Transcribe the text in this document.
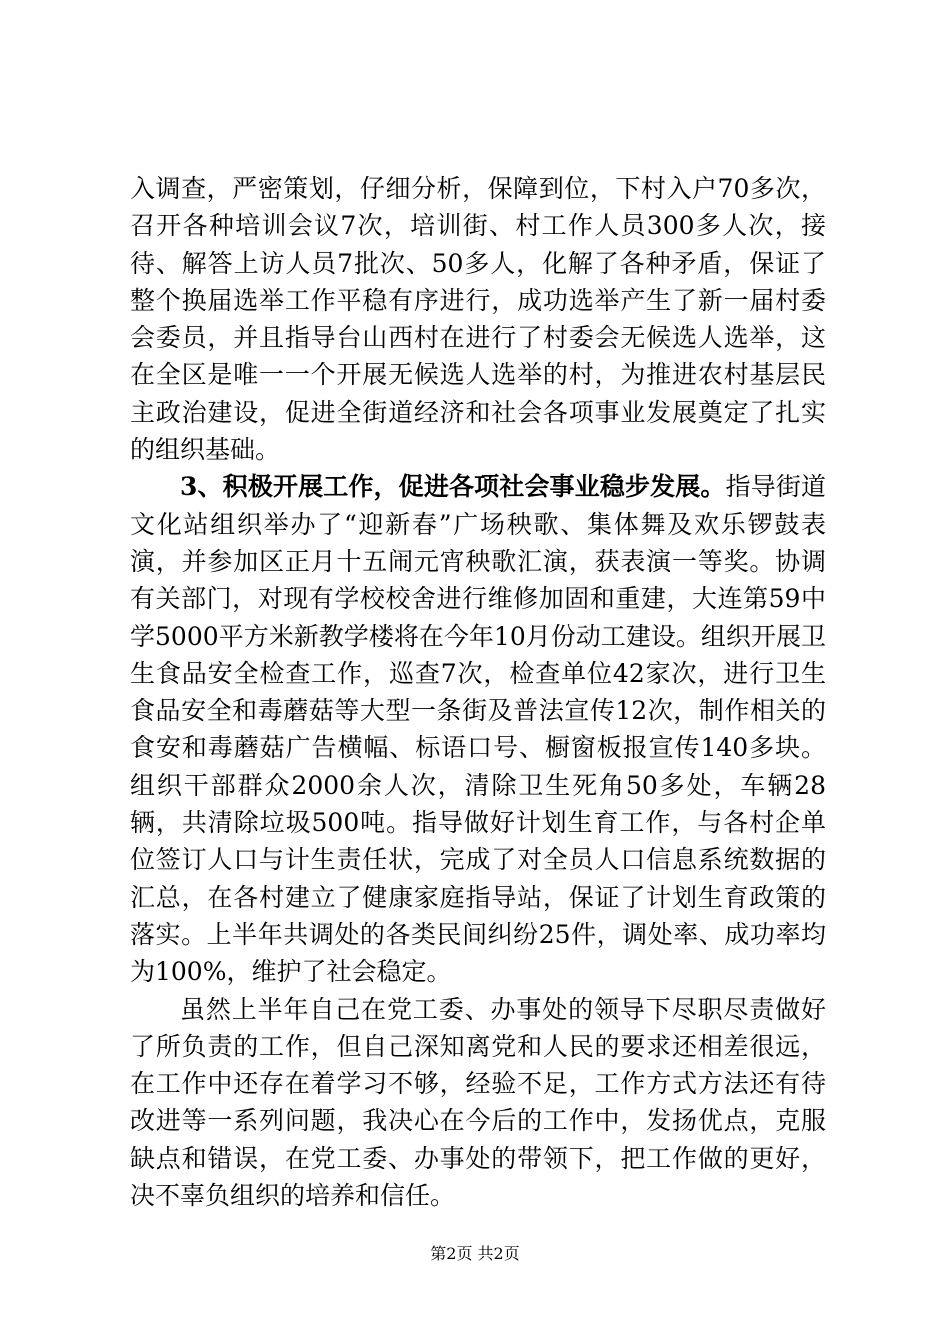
入调查，严密策划，仔细分析，保障到位，下村入户70多次，召开各种培训会议7次，培训街、村工作人员300多人次，接待、解答上访人员7批次、50多人，化解了各种矛盾，保证了整个换届选举工作平稳有序进行，成功选举产生了新一届村委会委员，并且指导台山西村在进行了村委会无候选人选举，这在全区是唯一一个开展无候选人选举的村，为推进农村基层民主政治建设，促进全街道经济和社会各项事业发展奠定了扎实的组织基础。

3、积极开展工作，促进各项社会事业稳步发展。指导街道文化站组织举办了“迎新春”广场秧歌、集体舞及欢乐锣鼓表演，并参加区正月十五闹元宵秧歌汇演，获表演一等奖。协调有关部门，对现有学校校舍进行维修加固和重建，大连第59中学5000平方米新教学楼将在今年10月份动工建设。组织开展卫生食品安全检查工作，巡查7次，检查单位42家次，进行卫生食品安全和毒蘑菇等大型一条街及普法宣传12次，制作相关的食安和毒蘑菇广告横幅、标语口号、橱窗板报宣传140多块。组织干部群众2000余人次，清除卫生死角50多处，车辆28辆，共清除垃圾500吨。指导做好计划生育工作，与各村企单位签订人口与计生责任状，完成了对全员人口信息系统数据的汇总，在各村建立了健康家庭指导站，保证了计划生育政策的落实。上半年共调处的各类民间纠纷25件，调处率、成功率均为100%，维护了社会稳定。

虽然上半年自己在党工委、办事处的领导下尽职尽责做好了所负责的工作，但自己深知离党和人民的要求还相差很远，在工作中还存在着学习不够，经验不足，工作方式方法还有待改进等一系列问题，我决心在今后的工作中，发扬优点，克服缺点和错误，在党工委、办事处的带领下，把工作做的更好，决不辜负组织的培养和信任。

第2页 共2页
